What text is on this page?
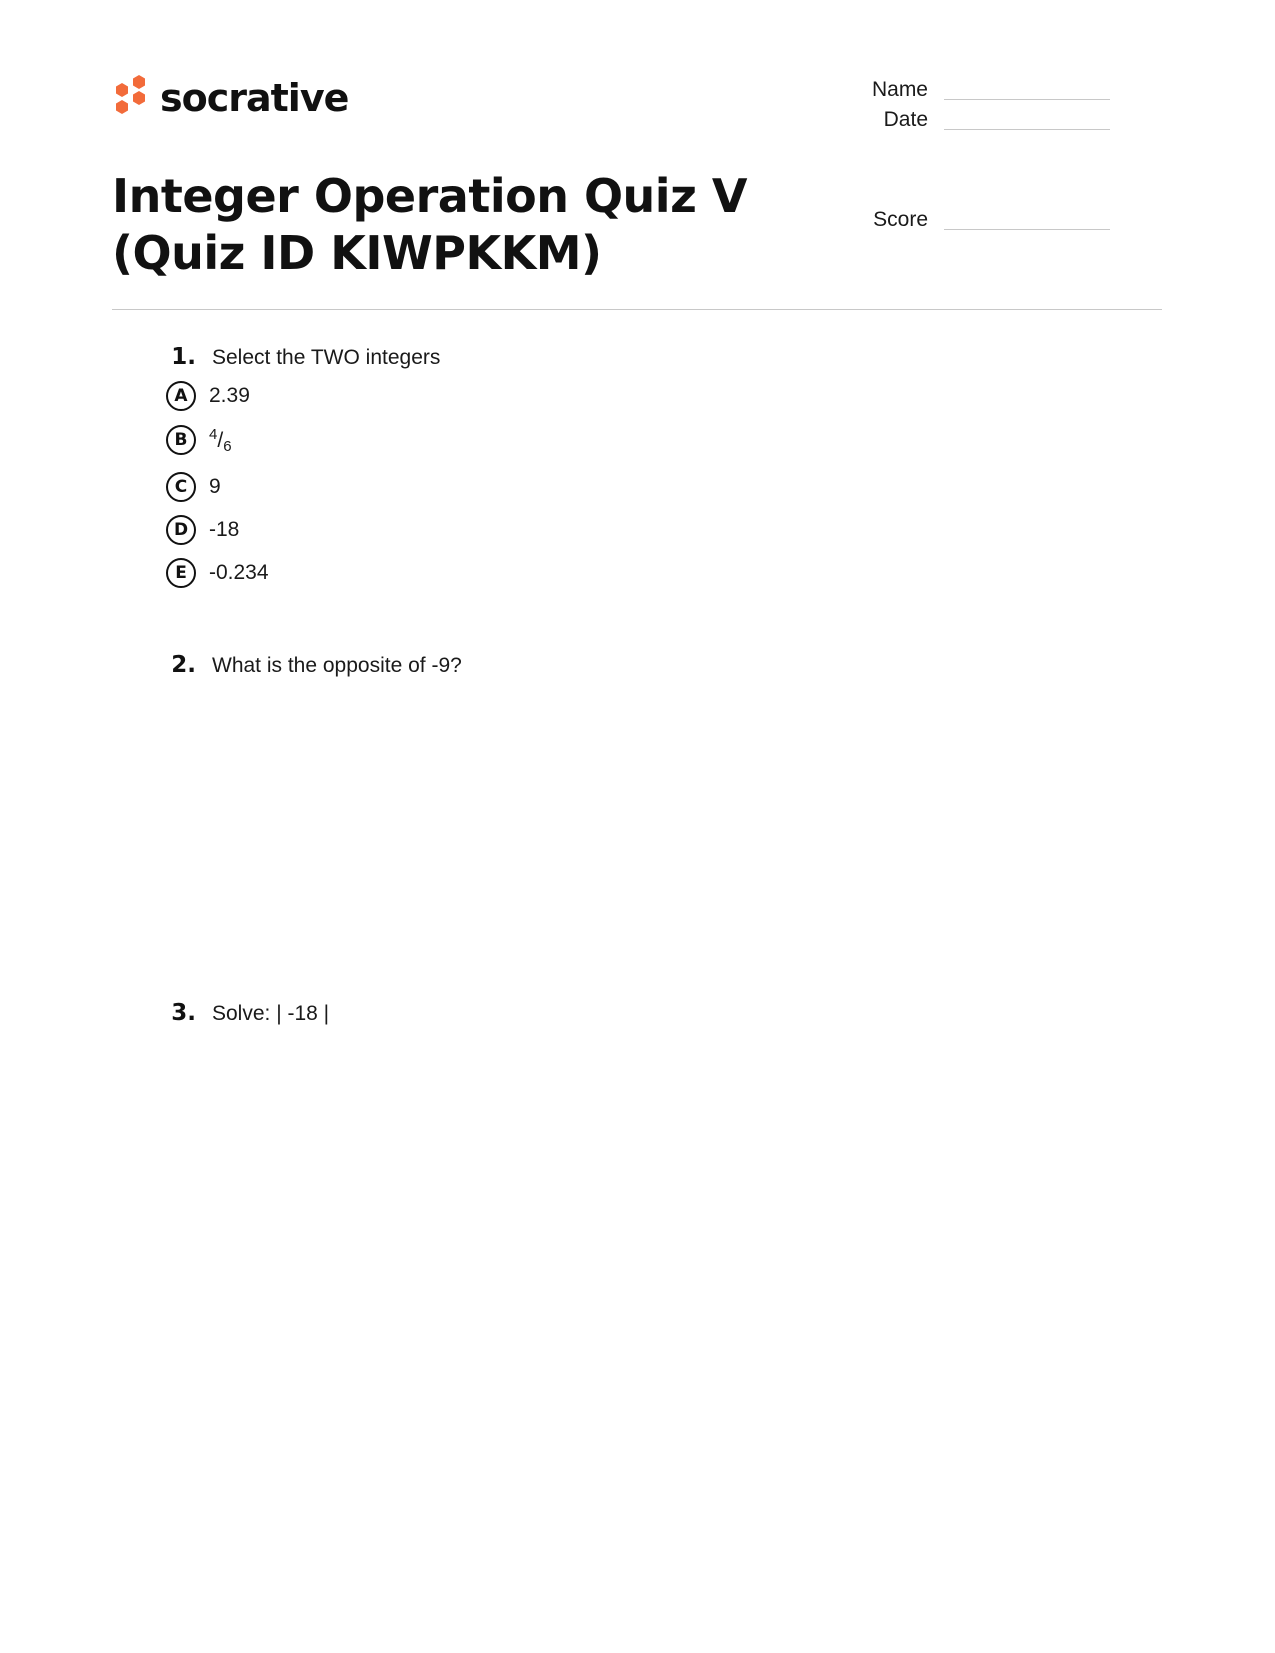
socrative	Name
Date
Score
Integer Operation Quiz V (Quiz ID KIWPKKM)
1. Select the TWO integers
A	2.39
B	$^4/_6$
C	9
D -18
E	-0.234
2. What is the opposite of -9?
3. Solve: | -18 |
